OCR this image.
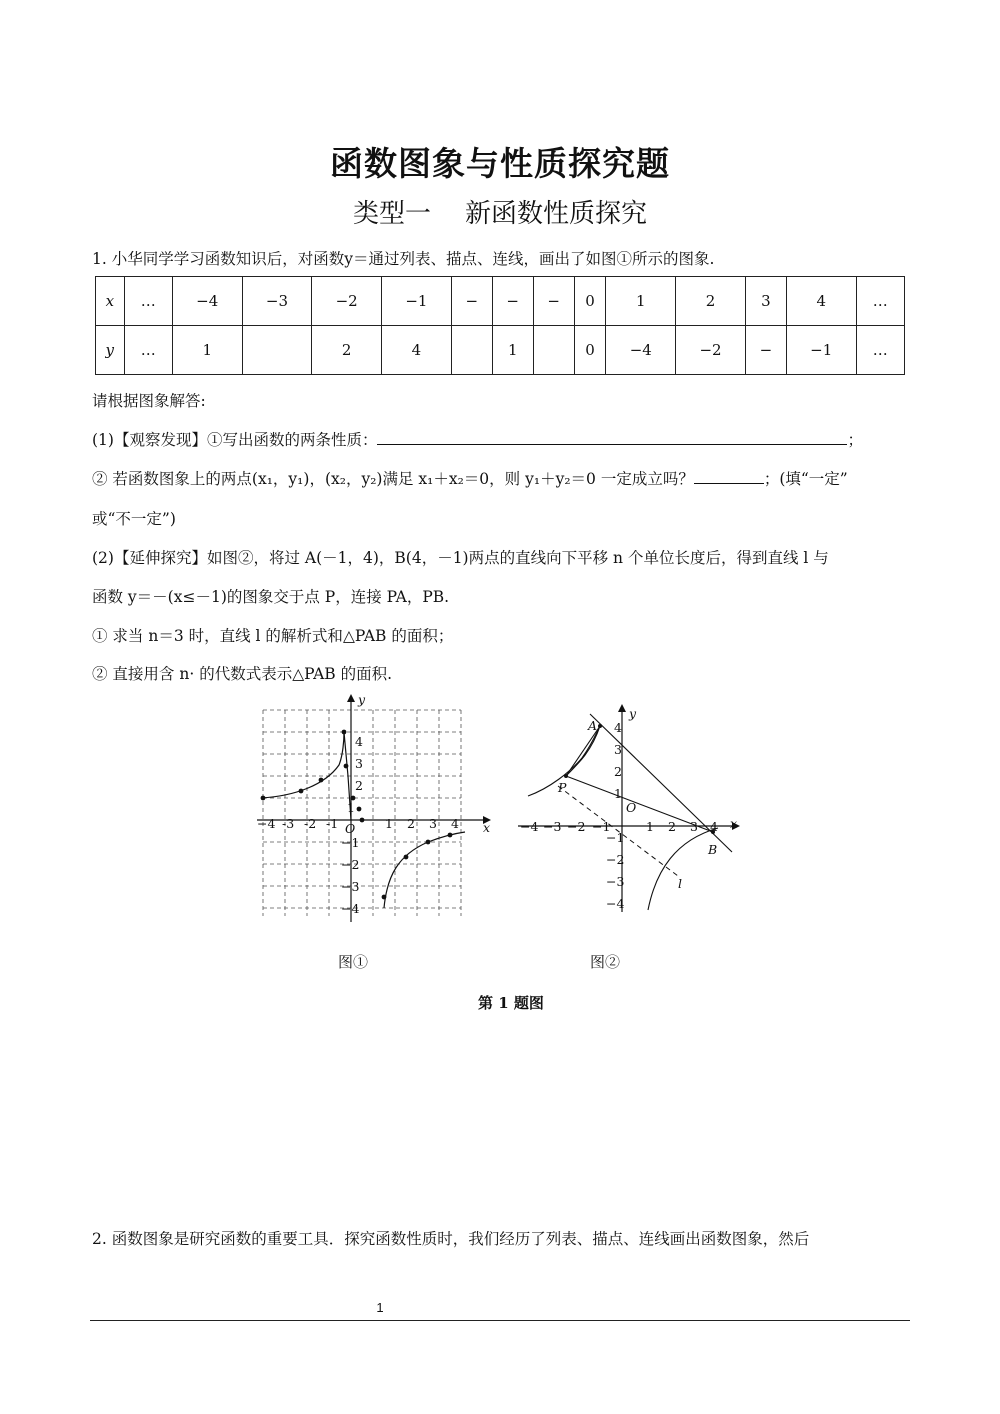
函数图象与性质探究题
类型一 新函数性质探究
1. 小华同学学习函数知识后，对函数y＝通过列表、描点、连线，画出了如图①所示的图象.
x	…	−4	−3	−2	−1	−	−	−	0	1	2	3	4	…
y	…	1		2	4		1		0	−4	−2	−	−1	…
请根据图象解答:
(1)【观察发现】①写出函数的两条性质：	；
② 若函数图象上的两点(x₁，y₁)，(x₂，y₂)满足 x₁＋x₂＝0，则 y₁＋y₂＝0 一定成立吗？	；(填“一定”
或“不一定”)
(2)【延伸探究】如图②，将过 A(－1，4)，B(4，－1)两点的直线向下平移 n 个单位长度后，得到直线 l 与
函数 y＝－(x≤－1)的图象交于点 P，连接 PA，PB.
① 求当 n＝3 时，直线 l 的解析式和△PAB 的面积；
② 直接用含 n· 的代数式表示△PAB 的面积.
y
x
O
−4 -3 -2 -1	1 2 3 4
4
3
2
1
−1
−2
−3
−4
y
x
O
A
B
P
l
−4 −3 −2 −1	1 2 3 4
4
3
2
1
−1
−2
−3
−4
图①	图②
第 1 题图
2. 函数图象是研究函数的重要工具．探究函数性质时，我们经历了列表、描点、连线画出函数图象，然后
1
